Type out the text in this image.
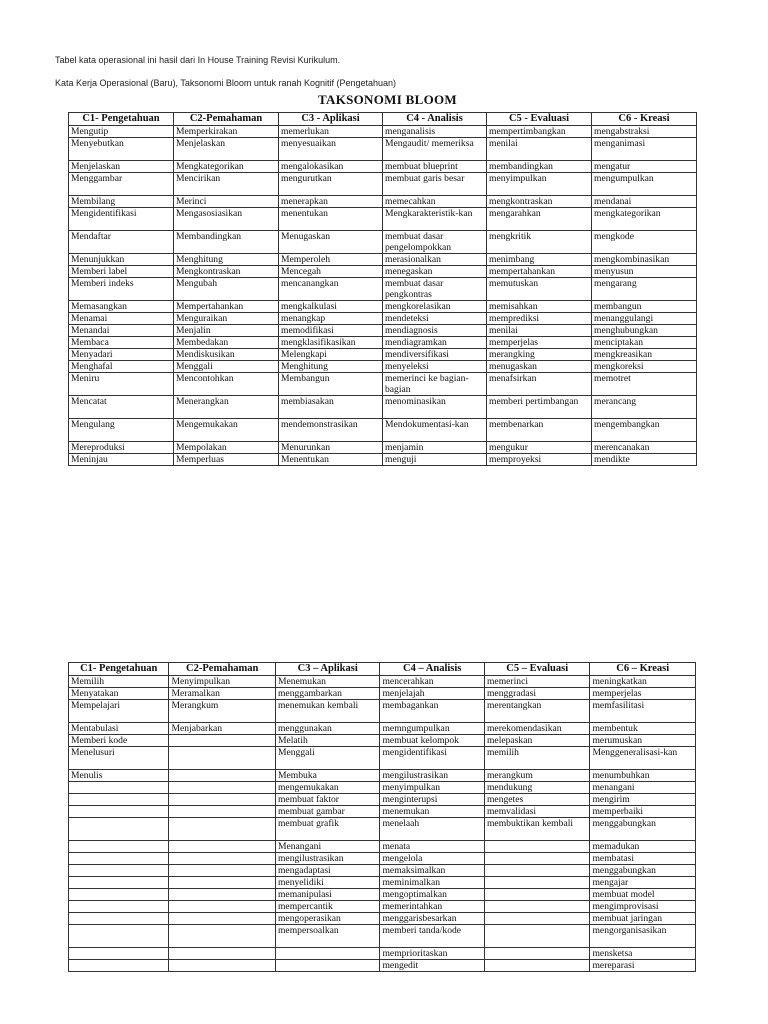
Tabel kata operasional ini hasil dari In House Training Revisi Kurikulum.
Kata Kerja Operasional (Baru), Taksonomi Bloom untuk ranah Kognitif (Pengetahuan)
TAKSONOMI BLOOM
C1- Pengetahuan	C2-Pemahaman	C3 - Aplikasi	C4 - Analisis	C5 - Evaluasi	C6 - Kreasi
Mengutip	Memperkirakan	memerlukan	menganalisis	mempertimbangkan	mengabstraksi
Menyebutkan	Menjelaskan	menyesuaikan	Mengaudit/ memeriksa	menilai	menganimasi
Menjelaskan	Mengkategorikan	mengalokasikan	membuat blueprint	membandingkan	mengatur
Menggambar	Mencirikan	mengurutkan	membuat garis besar	menyimpulkan	mengumpulkan
Membilang	Merinci	menerapkan	memecahkan	mengkontraskan	mendanai
Mengidentifikasi	Mengasosiasikan	menentukan	Mengkarakteristik-kan	mengarahkan	mengkategorikan
Mendaftar	Membandingkan	Menugaskan	membuat dasar pengelompokkan	mengkritik	mengkode
Menunjukkan	Menghitung	Memperoleh	merasionalkan	menimbang	mengkombinasikan
Memberi label	Mengkontraskan	Mencegah	menegaskan	mempertahankan	menyusun
Memberi indeks	Mengubah	mencanangkan	membuat dasar pengkontras	memutuskan	mengarang
Memasangkan	Mempertahankan	mengkalkulasi	mengkorelasikan	memisahkan	membangun
Menamai	Menguraikan	menangkap	mendeteksi	memprediksi	menanggulangi
Menandai	Menjalin	memodifikasi	mendiagnosis	menilai	menghubungkan
Membaca	Membedakan	mengklasifikasikan	mendiagramkan	memperjelas	menciptakan
Menyadari	Mendiskusikan	Melengkapi	mendiversifikasi	merangking	mengkreasikan
Menghafal	Menggali	Menghitung	menyeleksi	menugaskan	mengkoreksi
Meniru	Mencontohkan	Membangun	memerinci ke bagian-bagian	menafsirkan	memotret
Mencatat	Menerangkan	membiasakan	menominasikan	memberi pertimbangan	merancang
Mengulang	Mengemukakan	mendemonstrasikan	Mendokumentasi-kan	membenarkan	mengembangkan
Mereproduksi	Mempolakan	Menurunkan	menjamin	mengukur	merencanakan
Meninjau	Memperluas	Menentukan	menguji	memproyeksi	mendikte
C1- Pengetahuan	C2-Pemahaman	C3 – Aplikasi	C4 – Analisis	C5 – Evaluasi	C6 – Kreasi
Memilih	Menyimpulkan	Menemukan	mencerahkan	memerinci	meningkatkan
Menyatakan	Meramalkan	menggambarkan	menjelajah	menggradasi	memperjelas
Mempelajari	Merangkum	menemukan kembali	membagankan	merentangkan	memfasilitasi
Mentabulasi	Menjabarkan	menggunakan	memngumpulkan	merekomendasikan	membentuk
Memberi kode		Melatih	membuat kelompok	melepaskan	merumuskan
Menelusuri		Menggali	mengidentifikasi	memilih	Menggeneralisasi-kan
Menulis		Membuka	mengilustrasikan	merangkum	menumbuhkan
		mengemukakan	menyimpulkan	mendukung	menangani
		membuat faktor	menginterupsi	mengetes	mengirim
		membuat gambar	menemukan	memvalidasi	memperbaiki
		membuat grafik	menelaah	membuktikan kembali	menggabungkan
		Menangani	menata		memadukan
		mengilustrasikan	mengelola		membatasi
		mengadaptasi	memaksimalkan		menggabungkan
		menyelidiki	meminimalkan		mengajar
		memanipulasi	mengoptimalkan		membuat model
		mempercantik	memerintahkan		mengimprovisasi
		mengoperasikan	menggarisbesarkan		membuat jaringan
		mempersoalkan	memberi tanda/kode		mengorganisasikan
			memprioritaskan		mensketsa
			mengedit		mereparasi
